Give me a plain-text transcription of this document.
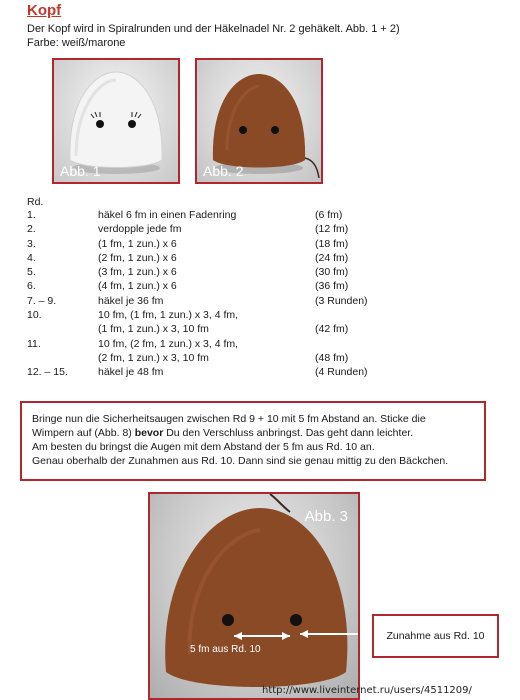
Kopf
Der Kopf wird in Spiralrunden und der Häkelnadel Nr. 2 gehäkelt. Abb. 1 + 2)
Farbe: weiß/marone
Abb. 1	Abb. 2
Rd.
1.	häkel 6 fm in einen Fadenring	(6 fm)
2.	verdopple jede fm	(12 fm)
3.	(1 fm, 1 zun.) x 6	(18 fm)
4.	(2 fm, 1 zun.) x 6	(24 fm)
5.	(3 fm, 1 zun.) x 6	(30 fm)
6.	(4 fm, 1 zun.) x 6	(36 fm)
7. – 9.	häkel je 36 fm	(3 Runden)
10.	10 fm, (1 fm, 1 zun.) x 3, 4 fm,
(1 fm, 1 zun.) x 3, 10 fm	(42 fm)
11.	10 fm, (2 fm, 1 zun.) x 3, 4 fm,
(2 fm, 1 zun.) x 3, 10 fm	(48 fm)
12. – 15.	häkel je 48 fm	(4 Runden)
Bringe nun die Sicherheitsaugen zwischen Rd 9 + 10 mit 5 fm Abstand an. Sticke die
Wimpern auf (Abb. 8) bevor Du den Verschluss anbringst. Das geht dann leichter.
Am besten du bringst die Augen mit dem Abstand der 5 fm aus Rd. 10 an.
Genau oberhalb der Zunahmen aus Rd. 10. Dann sind sie genau mittig zu den Bäckchen.
Abb. 3
5 fm aus Rd. 10
Zunahme aus Rd. 10
http://www.liveinternet.ru/users/4511209/
